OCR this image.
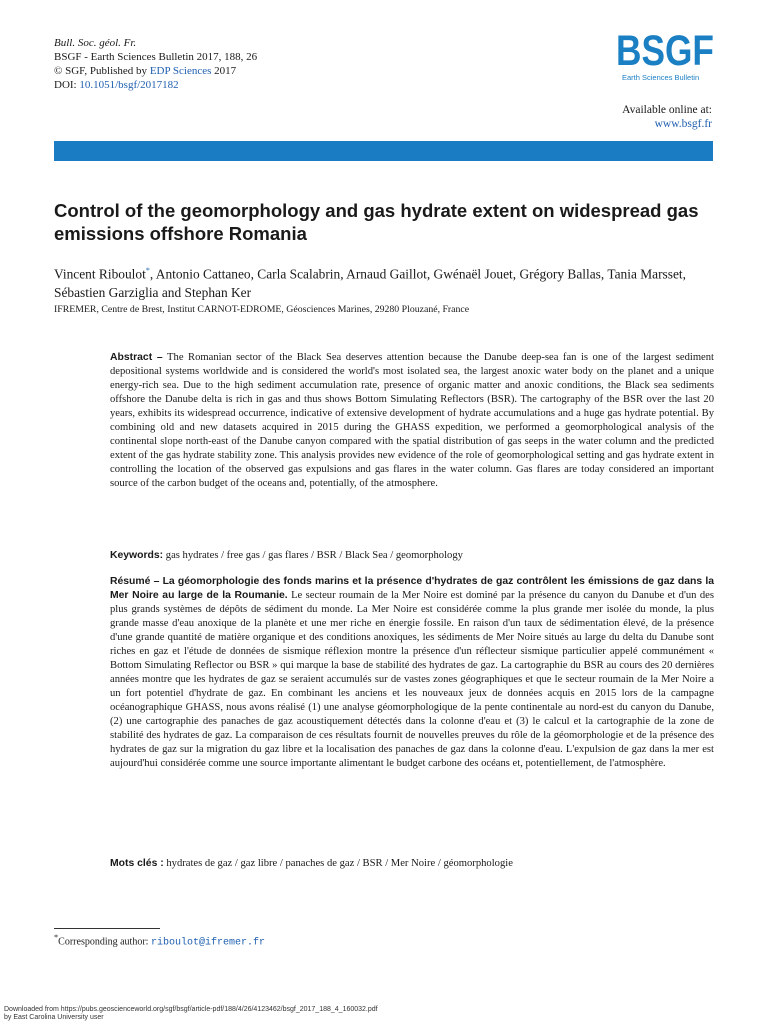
Bull. Soc. géol. Fr.
BSGF - Earth Sciences Bulletin 2017, 188, 26
© SGF, Published by EDP Sciences 2017
DOI: 10.1051/bsgf/2017182
BSGF
Earth Sciences Bulletin
Available online at:
www.bsgf.fr
Control of the geomorphology and gas hydrate extent on widespread gas emissions offshore Romania
Vincent Riboulot*, Antonio Cattaneo, Carla Scalabrin, Arnaud Gaillot, Gwénaël Jouet, Grégory Ballas, Tania Marsset, Sébastien Garziglia and Stephan Ker
IFREMER, Centre de Brest, Institut CARNOT-EDROME, Géosciences Marines, 29280 Plouzané, France
Abstract – The Romanian sector of the Black Sea deserves attention because the Danube deep-sea fan is one of the largest sediment depositional systems worldwide and is considered the world's most isolated sea, the largest anoxic water body on the planet and a unique energy-rich sea. Due to the high sediment accumulation rate, presence of organic matter and anoxic conditions, the Black sea sediments offshore the Danube delta is rich in gas and thus shows Bottom Simulating Reflectors (BSR). The cartography of the BSR over the last 20 years, exhibits its widespread occurrence, indicative of extensive development of hydrate accumulations and a huge gas hydrate potential. By combining old and new datasets acquired in 2015 during the GHASS expedition, we performed a geomorphological analysis of the continental slope north-east of the Danube canyon compared with the spatial distribution of gas seeps in the water column and the predicted extent of the gas hydrate stability zone. This analysis provides new evidence of the role of geomorphological setting and gas hydrate extent in controlling the location of the observed gas expulsions and gas flares in the water column. Gas flares are today considered an important source of the carbon budget of the oceans and, potentially, of the atmosphere.
Keywords: gas hydrates / free gas / gas flares / BSR / Black Sea / geomorphology
Résumé – La géomorphologie des fonds marins et la présence d'hydrates de gaz contrôlent les émissions de gaz dans la Mer Noire au large de la Roumanie. Le secteur roumain de la Mer Noire est dominé par la présence du canyon du Danube et d'un des plus grands systèmes de dépôts de sédiment du monde. La Mer Noire est considérée comme la plus grande mer isolée du monde, la plus grande masse d'eau anoxique de la planète et une mer riche en énergie fossile. En raison d'un taux de sédimentation élevé, de la présence d'une grande quantité de matière organique et des conditions anoxiques, les sédiments de Mer Noire situés au large du delta du Danube sont riches en gaz et l'étude de données de sismique réflexion montre la présence d'un réflecteur sismique particulier appelé communément « Bottom Simulating Reflector ou BSR » qui marque la base de stabilité des hydrates de gaz. La cartographie du BSR au cours des 20 dernières années montre que les hydrates de gaz se seraient accumulés sur de vastes zones géographiques et que le secteur roumain de la Mer Noire a un fort potentiel d'hydrate de gaz. En combinant les anciens et les nouveaux jeux de données acquis en 2015 lors de la campagne océanographique GHASS, nous avons réalisé (1) une analyse géomorphologique de la pente continentale au nord-est du canyon du Danube, (2) une cartographie des panaches de gaz acoustiquement détectés dans la colonne d'eau et (3) le calcul et la cartographie de la zone de stabilité des hydrates de gaz. La comparaison de ces résultats fournit de nouvelles preuves du rôle de la géomorphologie et de la présence des hydrates de gaz sur la migration du gaz libre et la localisation des panaches de gaz dans la colonne d'eau. L'expulsion de gaz dans la mer est aujourd'hui considérée comme une source importante alimentant le budget carbone des océans et, potentiellement, de l'atmosphère.
Mots clés : hydrates de gaz / gaz libre / panaches de gaz / BSR / Mer Noire / géomorphologie
*Corresponding author: riboulot@ifremer.fr
Downloaded from https://pubs.geoscienceworld.org/sgf/bsgf/article-pdf/188/4/26/4123462/bsgf_2017_188_4_160032.pdf
by East Carolina University user
